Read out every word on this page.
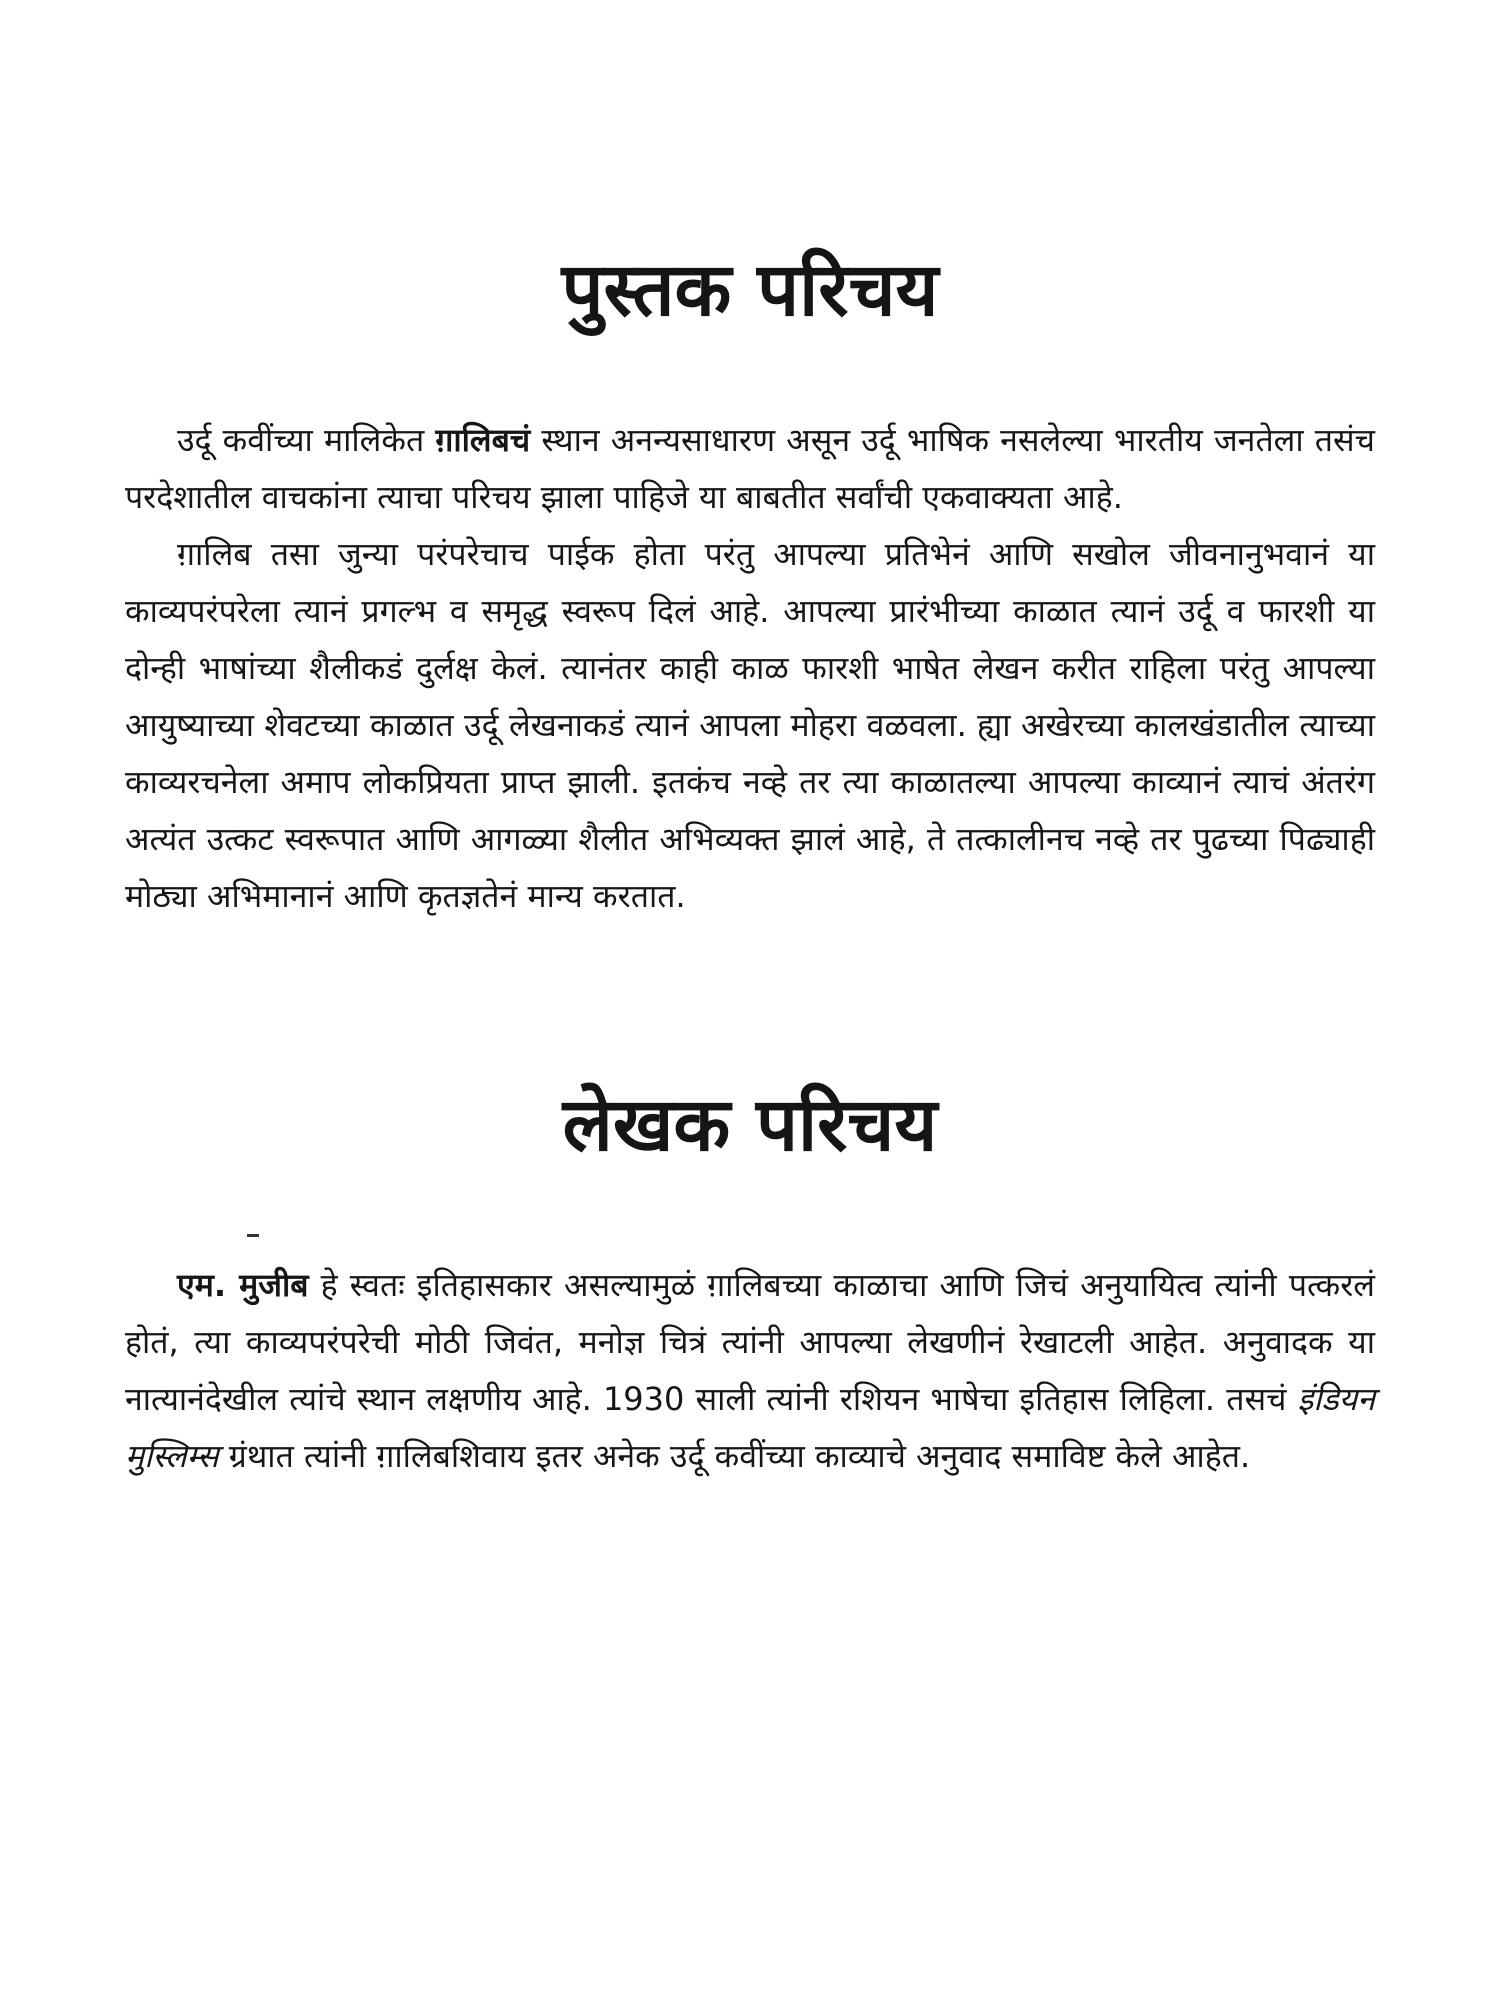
पुस्तक परिचय

उर्दू कवींच्या मालिकेत ग़ालिबचं स्थान अनन्यसाधारण असून उर्दू भाषिक नसलेल्या भारतीय जनतेला तसंच परदेशातील वाचकांना त्याचा परिचय झाला पाहिजे या बाबतीत सर्वांची एकवाक्यता आहे.

ग़ालिब तसा जुन्या परंपरेचाच पाईक होता परंतु आपल्या प्रतिभेनं आणि सखोल जीवनानुभवानं या काव्यपरंपरेला त्यानं प्रगल्भ व समृद्ध स्वरूप दिलं आहे. आपल्या प्रारंभीच्या काळात त्यानं उर्दू व फारशी या दोन्ही भाषांच्या शैलीकडं दुर्लक्ष केलं. त्यानंतर काही काळ फारशी भाषेत लेखन करीत राहिला परंतु आपल्या आयुष्याच्या शेवटच्या काळात उर्दू लेखनाकडं त्यानं आपला मोहरा वळवला. ह्या अखेरच्या कालखंडातील त्याच्या काव्यरचनेला अमाप लोकप्रियता प्राप्त झाली. इतकंच नव्हे तर त्या काळातल्या आपल्या काव्यानं त्याचं अंतरंग अत्यंत उत्कट स्वरूपात आणि आगळ्या शैलीत अभिव्यक्त झालं आहे, ते तत्कालीनच नव्हे तर पुढच्या पिढ्याही मोठ्या अभिमानानं आणि कृतज्ञतेनं मान्य करतात.

लेखक परिचय

एम. मुजीब हे स्वतः इतिहासकार असल्यामुळं ग़ालिबच्या काळाचा आणि जिचं अनुयायित्व त्यांनी पत्करलं होतं, त्या काव्यपरंपरेची मोठी जिवंत, मनोज्ञ चित्रं त्यांनी आपल्या लेखणीनं रेखाटली आहेत. अनुवादक या नात्यानंदेखील त्यांचे स्थान लक्षणीय आहे. 1930 साली त्यांनी रशियन भाषेचा इतिहास लिहिला. तसचं इंडियन मुस्लिम्स ग्रंथात त्यांनी ग़ालिबशिवाय इतर अनेक उर्दू कवींच्या काव्याचे अनुवाद समाविष्ट केले आहेत.
